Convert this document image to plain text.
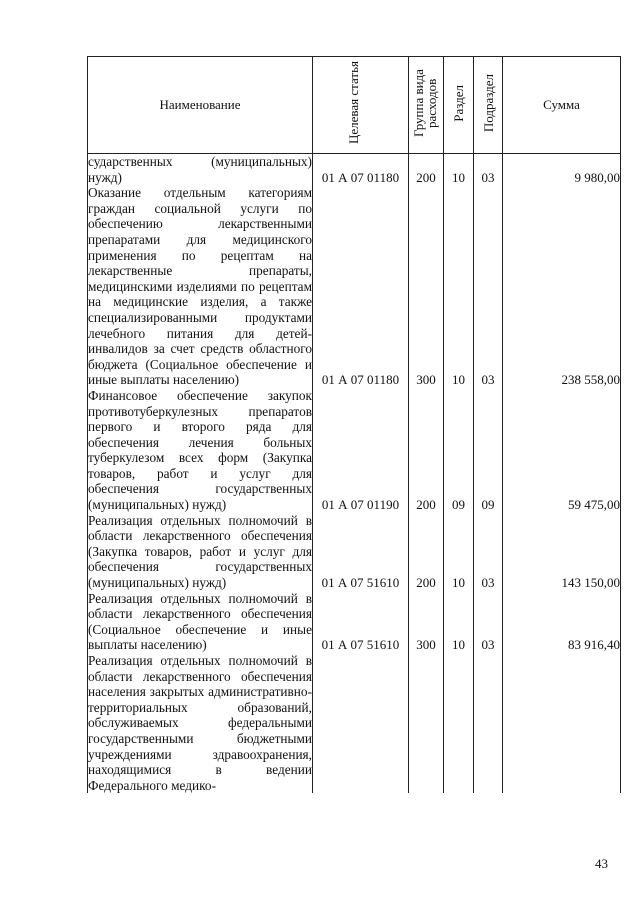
Наименование	Целевая статья	Группа вида расходов	Раздел	Подраздел	Сумма
сударственных (муниципальных) нужд)	01 А 07 01180	200	10	03	9 980,00
Оказание отдельным категориям граждан социальной услуги по обеспечению лекарственными препаратами для медицинского применения по рецептам на лекарственные препараты, медицинскими изделиями по рецептам на медицинские изделия, а также специализированными продуктами лечебного питания для детей-инвалидов за счет средств областного бюджета (Социальное обеспечение и иные выплаты населению)	01 А 07 01180	300	10	03	238 558,00
Финансовое обеспечение закупок противотуберкулезных препаратов первого и второго ряда для обеспечения лечения больных туберкулезом всех форм (Закупка товаров, работ и услуг для обеспечения государственных (муниципальных) нужд)	01 А 07 01190	200	09	09	59 475,00
Реализация отдельных полномочий в области лекарственного обеспечения (Закупка товаров, работ и услуг для обеспечения государственных (муниципальных) нужд)	01 А 07 51610	200	10	03	143 150,00
Реализация отдельных полномочий в области лекарственного обеспечения (Социальное обеспечение и иные выплаты населению)	01 А 07 51610	300	10	03	83 916,40
Реализация отдельных полномочий в области лекарственного обеспечения населения закрытых административно-территориальных образований, обслуживаемых федеральными государственными бюджетными учреждениями здравоохранения, находящимися в ведении Федерального медико-					
43
